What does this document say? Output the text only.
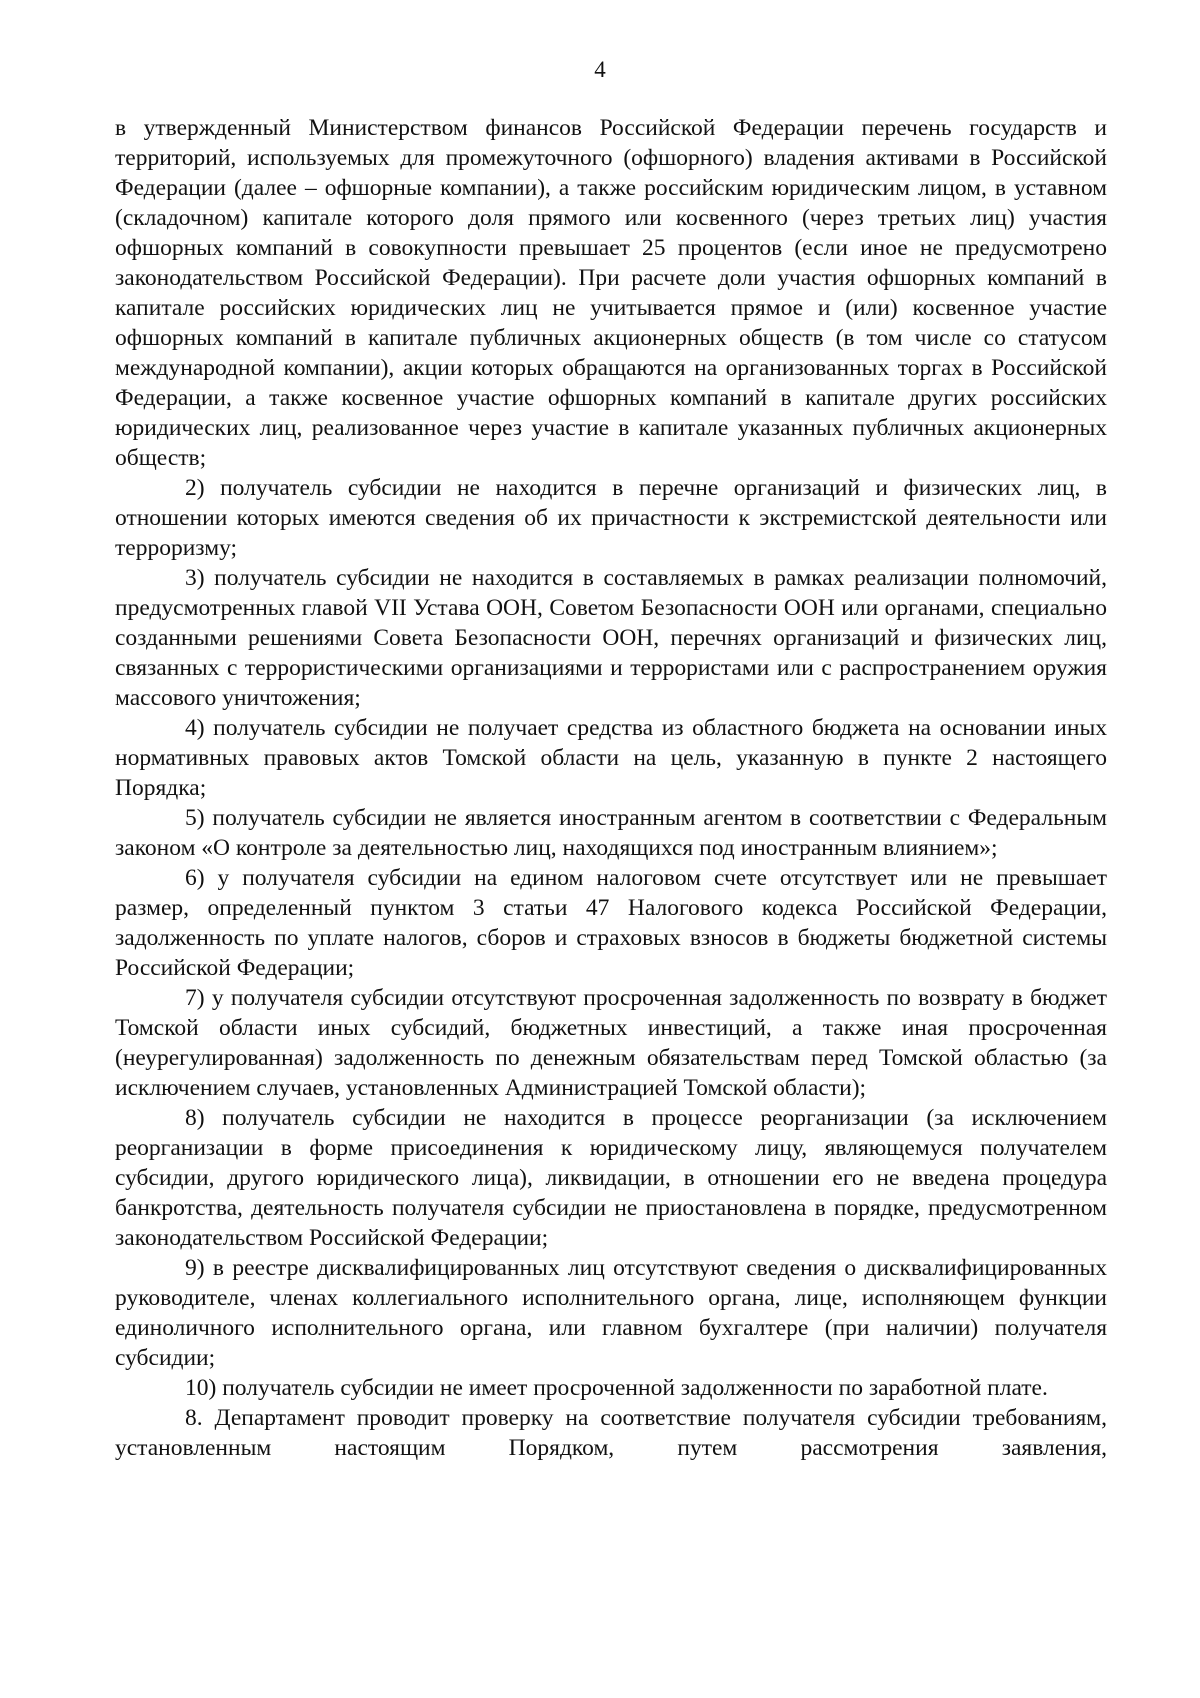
4

в утвержденный Министерством финансов Российской Федерации перечень государств и территорий, используемых для промежуточного (офшорного) владения активами в Российской Федерации (далее – офшорные компании), а также российским юридическим лицом, в уставном (складочном) капитале которого доля прямого или косвенного (через третьих лиц) участия офшорных компаний в совокупности превышает 25 процентов (если иное не предусмотрено законодательством Российской Федерации). При расчете доли участия офшорных компаний в капитале российских юридических лиц не учитывается прямое и (или) косвенное участие офшорных компаний в капитале публичных акционерных обществ (в том числе со статусом международной компании), акции которых обращаются на организованных торгах в Российской Федерации, а также косвенное участие офшорных компаний в капитале других российских юридических лиц, реализованное через участие в капитале указанных публичных акционерных обществ;

2) получатель субсидии не находится в перечне организаций и физических лиц, в отношении которых имеются сведения об их причастности к экстремистской деятельности или терроризму;

3) получатель субсидии не находится в составляемых в рамках реализации полномочий, предусмотренных главой VII Устава ООН, Советом Безопасности ООН или органами, специально созданными решениями Совета Безопасности ООН, перечнях организаций и физических лиц, связанных с террористическими организациями и террористами или с распространением оружия массового уничтожения;

4) получатель субсидии не получает средства из областного бюджета на основании иных нормативных правовых актов Томской области на цель, указанную в пункте 2 настоящего Порядка;

5) получатель субсидии не является иностранным агентом в соответствии с Федеральным законом «О контроле за деятельностью лиц, находящихся под иностранным влиянием»;

6) у получателя субсидии на едином налоговом счете отсутствует или не превышает размер, определенный пунктом 3 статьи 47 Налогового кодекса Российской Федерации, задолженность по уплате налогов, сборов и страховых взносов в бюджеты бюджетной системы Российской Федерации;

7) у получателя субсидии отсутствуют просроченная задолженность по возврату в бюджет Томской области иных субсидий, бюджетных инвестиций, а также иная просроченная (неурегулированная) задолженность по денежным обязательствам перед Томской областью (за исключением случаев, установленных Администрацией Томской области);

8) получатель субсидии не находится в процессе реорганизации (за исключением реорганизации в форме присоединения к юридическому лицу, являющемуся получателем субсидии, другого юридического лица), ликвидации, в отношении его не введена процедура банкротства, деятельность получателя субсидии не приостановлена в порядке, предусмотренном законодательством Российской Федерации;

9) в реестре дисквалифицированных лиц отсутствуют сведения о дисквалифицированных руководителе, членах коллегиального исполнительного органа, лице, исполняющем функции единоличного исполнительного органа, или главном бухгалтере (при наличии) получателя субсидии;

10) получатель субсидии не имеет просроченной задолженности по заработной плате.

8. Департамент проводит проверку на соответствие получателя субсидии требованиям, установленным настоящим Порядком, путем рассмотрения заявления,
